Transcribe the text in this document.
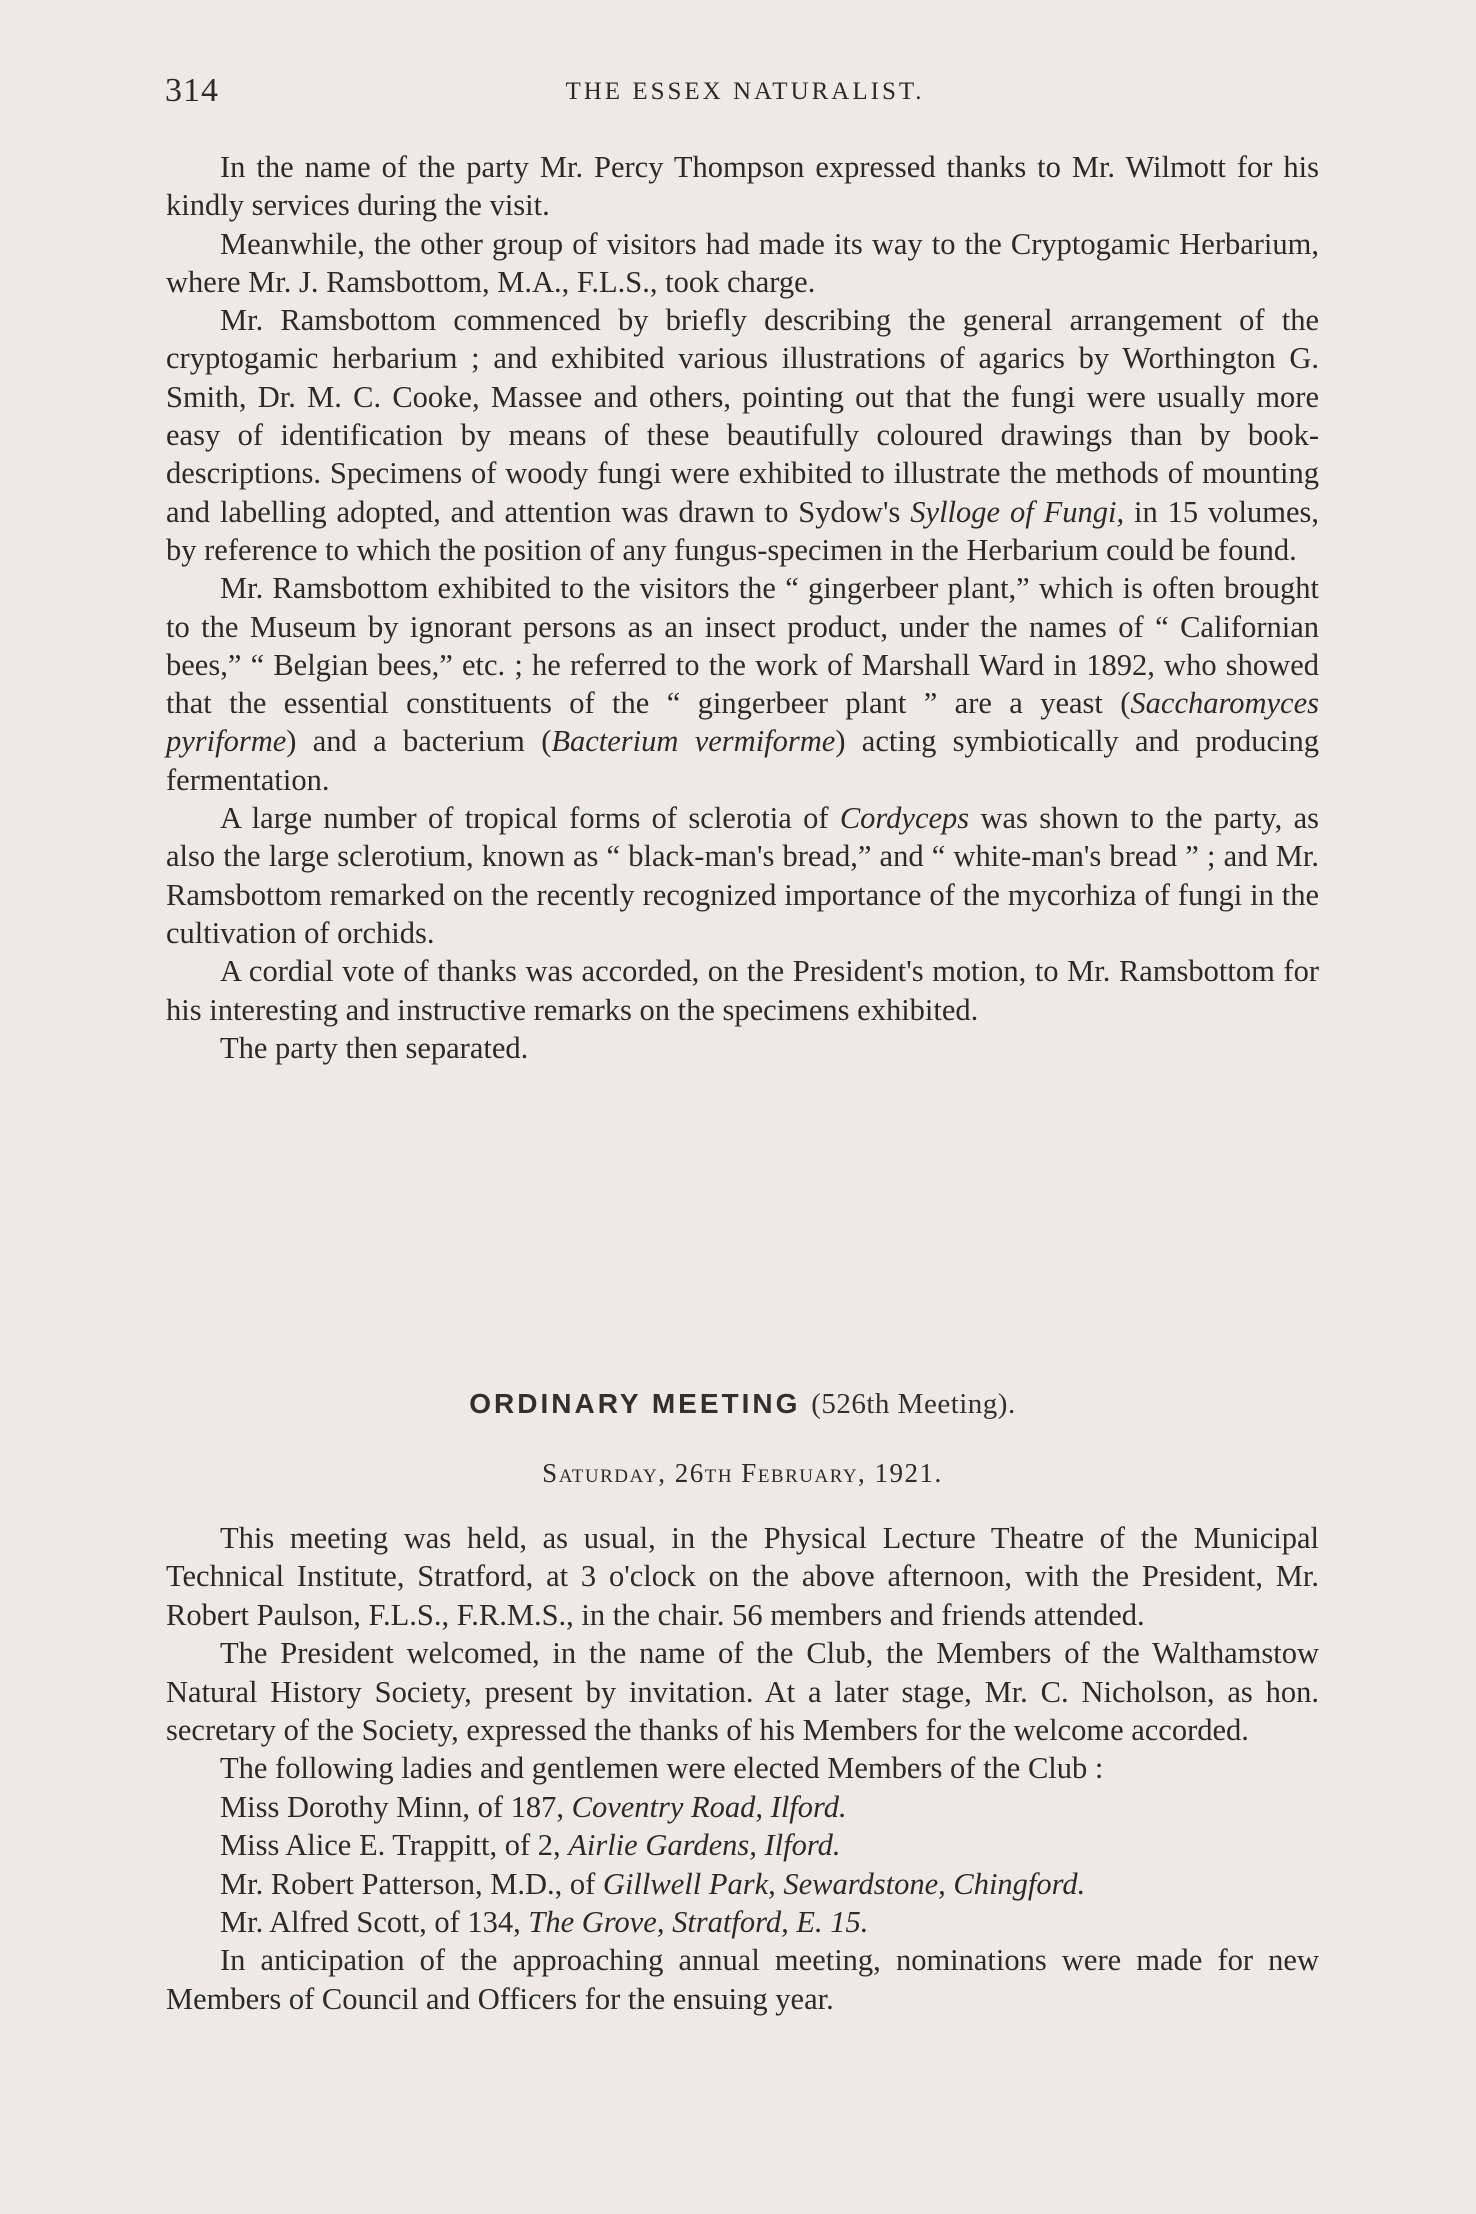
314	THE ESSEX NATURALIST.

In the name of the party Mr. Percy Thompson expressed thanks to Mr. Wilmott for his kindly services during the visit.

Meanwhile, the other group of visitors had made its way to the Cryptogamic Herbarium, where Mr. J. Ramsbottom, M.A., F.L.S., took charge.

Mr. Ramsbottom commenced by briefly describing the general arrangement of the cryptogamic herbarium ; and exhibited various illustrations of agarics by Worthington G. Smith, Dr. M. C. Cooke, Massee and others, pointing out that the fungi were usually more easy of identification by means of these beautifully coloured drawings than by book-descriptions. Specimens of woody fungi were exhibited to illustrate the methods of mounting and labelling adopted, and attention was drawn to Sydow's Sylloge of Fungi, in 15 volumes, by reference to which the position of any fungus-specimen in the Herbarium could be found.

Mr. Ramsbottom exhibited to the visitors the “ gingerbeer plant,” which is often brought to the Museum by ignorant persons as an insect product, under the names of “ Californian bees,” “ Belgian bees,” etc. ; he referred to the work of Marshall Ward in 1892, who showed that the essential constituents of the “ gingerbeer plant ” are a yeast (Saccharomyces pyriforme) and a bacterium (Bacterium vermiforme) acting symbiotically and producing fermentation.

A large number of tropical forms of sclerotia of Cordyceps was shown to the party, as also the large sclerotium, known as “ black-man's bread,” and “ white-man's bread ” ; and Mr. Ramsbottom remarked on the recently recognized importance of the mycorhiza of fungi in the cultivation of orchids.

A cordial vote of thanks was accorded, on the President's motion, to Mr. Ramsbottom for his interesting and instructive remarks on the specimens exhibited.

The party then separated.

ORDINARY MEETING (526th Meeting).
Saturday, 26th February, 1921.

This meeting was held, as usual, in the Physical Lecture Theatre of the Municipal Technical Institute, Stratford, at 3 o'clock on the above afternoon, with the President, Mr. Robert Paulson, F.L.S., F.R.M.S., in the chair. 56 members and friends attended.

The President welcomed, in the name of the Club, the Members of the Walthamstow Natural History Society, present by invitation. At a later stage, Mr. C. Nicholson, as hon. secretary of the Society, expressed the thanks of his Members for the welcome accorded.

The following ladies and gentlemen were elected Members of the Club :

Miss Dorothy Minn, of 187, Coventry Road, Ilford.

Miss Alice E. Trappitt, of 2, Airlie Gardens, Ilford.

Mr. Robert Patterson, M.D., of Gillwell Park, Sewardstone, Chingford.

Mr. Alfred Scott, of 134, The Grove, Stratford, E. 15.

In anticipation of the approaching annual meeting, nominations were made for new Members of Council and Officers for the ensuing year.
